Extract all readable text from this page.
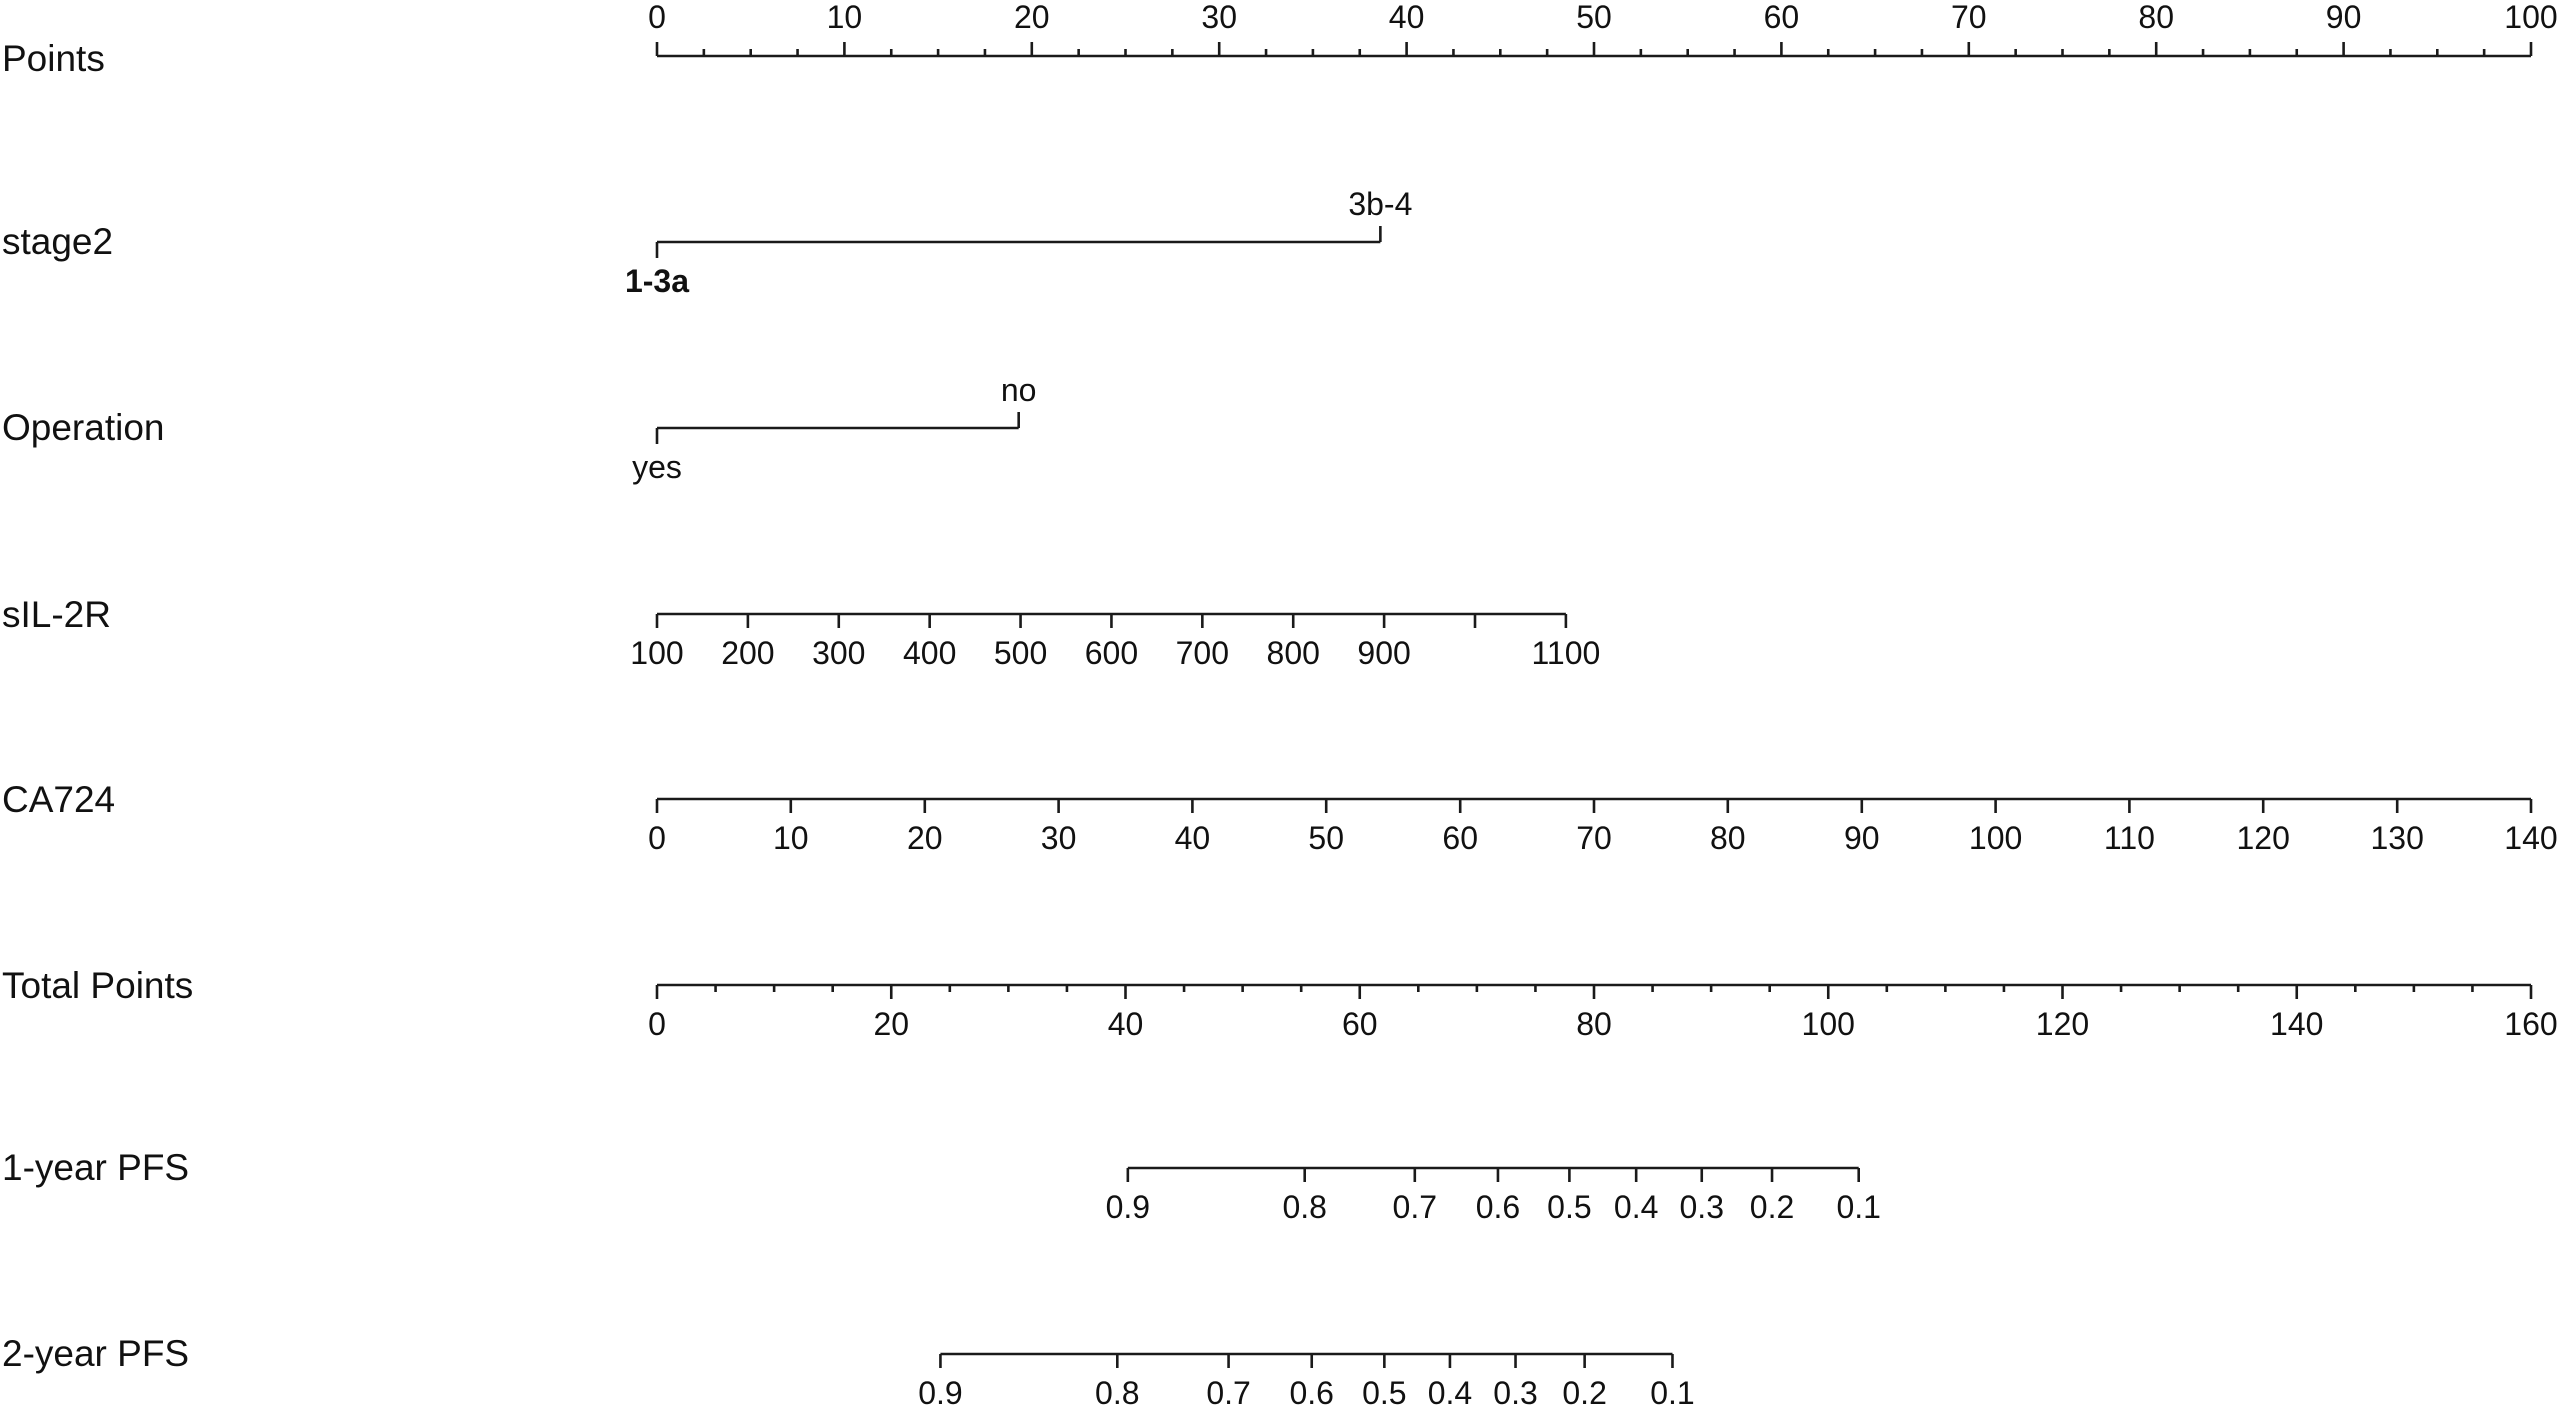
Points
stage2
Operation
sIL-2R
CA724
Total Points
1-year PFS
2-year PFS
0	10	20	30	40	50	60	70	80	90	100
1-3a
3b-4
yes
no
100 200 300 400 500 600 700 800 900	1100
0	10	20	30	40	50	60	70	80	90	100	110	120	130	140
0	20	40	60	80	100	120	140	160
0.9	0.8 0.7 0.6 0.5 0.4 0.3 0.2 0.1
0.9	0.8 0.7 0.6 0.5 0.4 0.3 0.2 0.1
